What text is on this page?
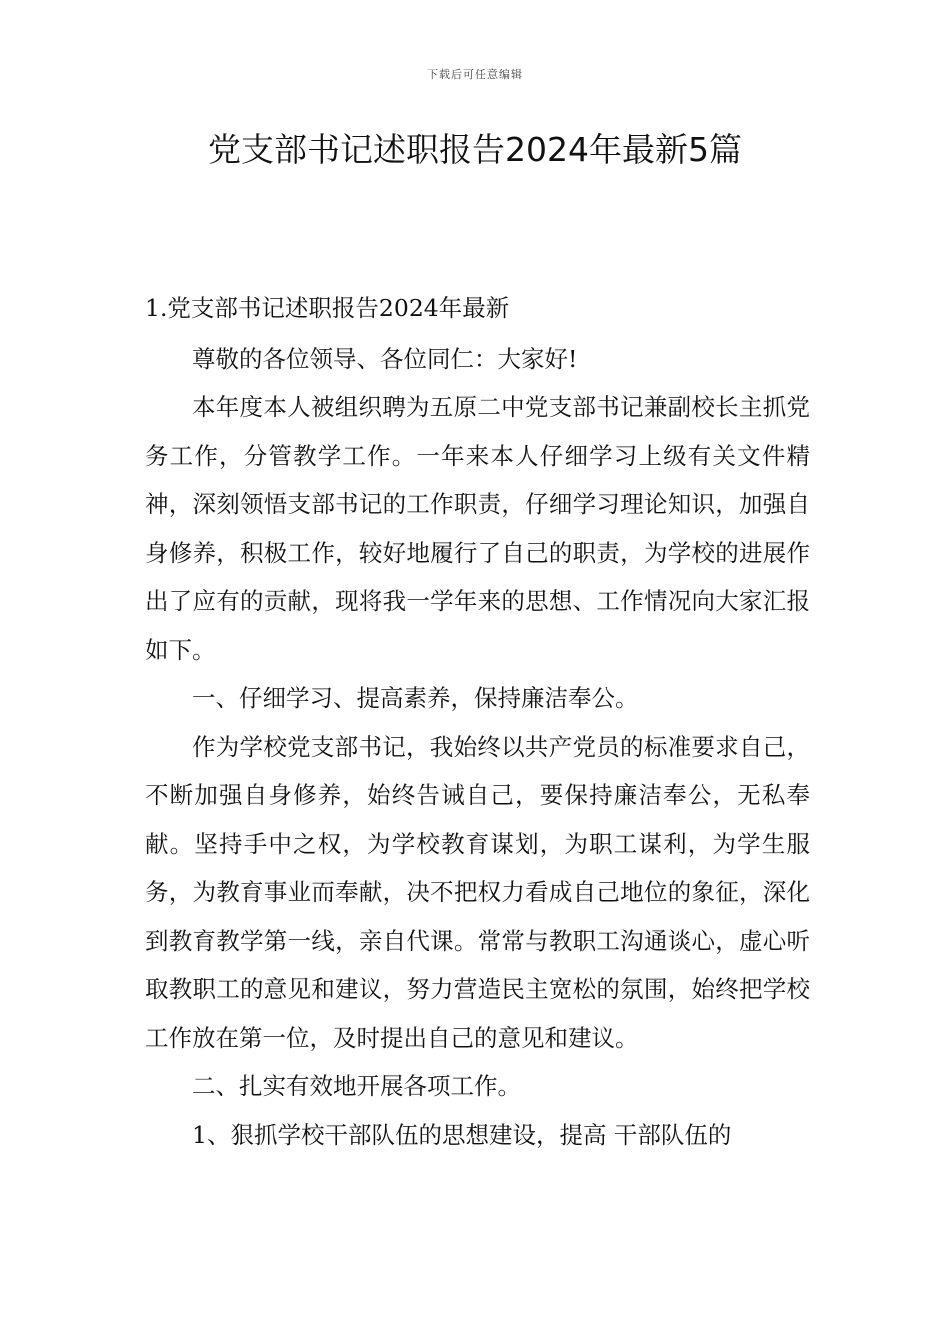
下载后可任意编辑
党支部书记述职报告2024年最新5篇

1.党支部书记述职报告2024年最新

尊敬的各位领导、各位同仁：大家好!

本年度本人被组织聘为五原二中党支部书记兼副校长主抓党务工作，分管教学工作。一年来本人仔细学习上级有关文件精神，深刻领悟支部书记的工作职责，仔细学习理论知识，加强自身修养，积极工作，较好地履行了自己的职责，为学校的进展作出了应有的贡献，现将我一学年来的思想、工作情况向大家汇报如下。

一、仔细学习、提高素养，保持廉洁奉公。

作为学校党支部书记，我始终以共产党员的标准要求自己，不断加强自身修养，始终告诫自己，要保持廉洁奉公，无私奉献。坚持手中之权，为学校教育谋划，为职工谋利，为学生服务，为教育事业而奉献，决不把权力看成自己地位的象征，深化到教育教学第一线，亲自代课。常常与教职工沟通谈心，虚心听取教职工的意见和建议，努力营造民主宽松的氛围，始终把学校工作放在第一位，及时提出自己的意见和建议。

二、扎实有效地开展各项工作。

1、狠抓学校干部队伍的思想建设，提高 干部队伍的
